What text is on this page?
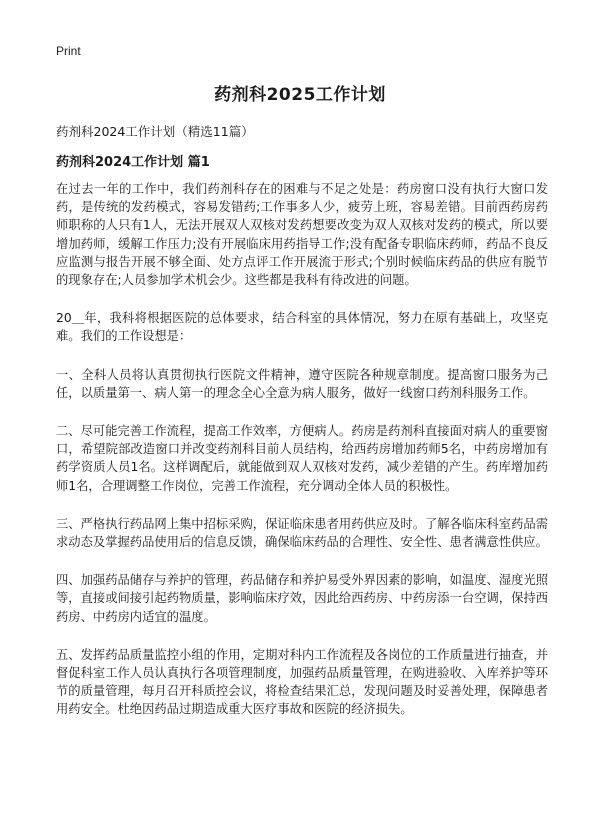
Print
药剂科2025工作计划
药剂科2024工作计划（精选11篇）
药剂科2024工作计划 篇1

在过去一年的工作中，我们药剂科存在的困难与不足之处是：药房窗口没有执行大窗口发药，是传统的发药模式，容易发错药;工作事多人少，疲劳上班，容易差错。目前西药房药师职称的人只有1人，无法开展双人双核对发药想要改变为双人双核对发药的模式，所以要增加药师，缓解工作压力;没有开展临床用药指导工作;没有配备专职临床药师，药品不良反应监测与报告开展不够全面、处方点评工作开展流于形式;个别时候临床药品的供应有脱节的现象存在;人员参加学术机会少。这些都是我科有待改进的问题。

20＿年，我科将根据医院的总体要求，结合科室的具体情况，努力在原有基础上，攻坚克难。我们的工作设想是：

一、全科人员将认真贯彻执行医院文件精神，遵守医院各种规章制度。提高窗口服务为己任，以质量第一、病人第一的理念全心全意为病人服务，做好一线窗口药剂科服务工作。

二、尽可能完善工作流程，提高工作效率，方便病人。药房是药剂科直接面对病人的重要窗口，希望院部改造窗口并改变药剂科目前人员结构，给西药房增加药师5名，中药房增加有药学资质人员1名。这样调配后，就能做到双人双核对发药，减少差错的产生。药库增加药师1名，合理调整工作岗位，完善工作流程，充分调动全体人员的积极性。

三、严格执行药品网上集中招标采购，保证临床患者用药供应及时。了解各临床科室药品需求动态及掌握药品使用后的信息反馈，确保临床药品的合理性、安全性、患者满意性供应。

四、加强药品储存与养护的管理，药品储存和养护易受外界因素的影响，如温度、湿度光照等，直接或间接引起药物质量，影响临床疗效，因此给西药房、中药房添一台空调，保持西药房、中药房内适宜的温度。

五、发挥药品质量监控小组的作用，定期对科内工作流程及各岗位的工作质量进行抽查，并督促科室工作人员认真执行各项管理制度，加强药品质量管理，在购进验收、入库养护等环节的质量管理，每月召开科质控会议，将检查结果汇总，发现问题及时妥善处理，保障患者用药安全。杜绝因药品过期造成重大医疗事故和医院的经济损失。
